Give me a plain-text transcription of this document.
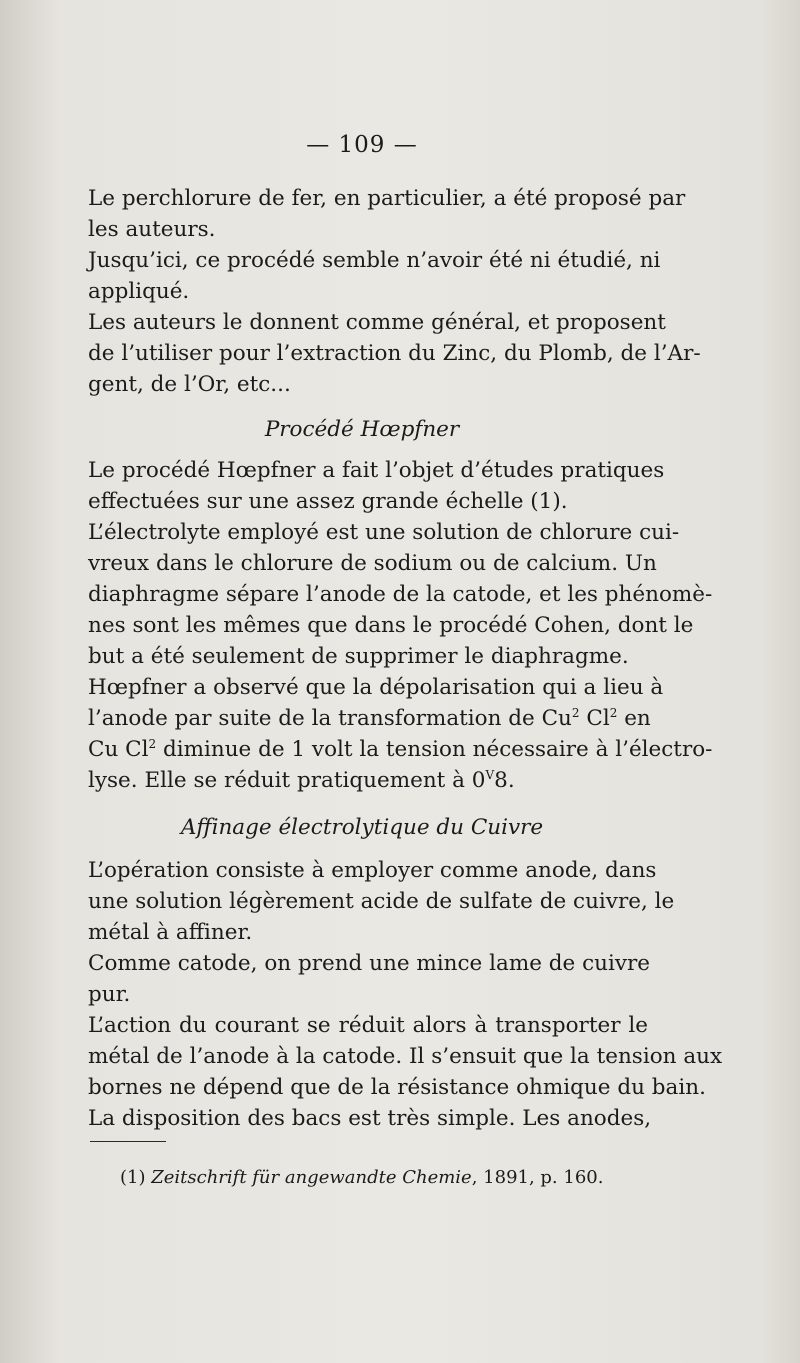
— 109 —

Le perchlorure de fer, en particulier, a été proposé par
les auteurs.

Jusqu’ici, ce procédé semble n’avoir été ni étudié, ni
appliqué.

Les auteurs le donnent comme général, et proposent
de l’utiliser pour l’extraction du Zinc, du Plomb, de l’Ar-
gent, de l’Or, etc...

Procédé Hœpfner

Le procédé Hœpfner a fait l’objet d’études pratiques
effectuées sur une assez grande échelle (1).

L’électrolyte employé est une solution de chlorure cui-
vreux dans le chlorure de sodium ou de calcium. Un
diaphragme sépare l’anode de la catode, et les phénomè-
nes sont les mêmes que dans le procédé Cohen, dont le
but a été seulement de supprimer le diaphragme.

Hœpfner a observé que la dépolarisation qui a lieu à
l’anode par suite de la transformation de Cu$^2$ Cl$^2$ en
Cu Cl$^2$ diminue de 1 volt la tension nécessaire à l’électro-
lyse. Elle se réduit pratiquement à $0^V8$.

Affinage électrolytique du Cuivre

L’opération consiste à employer comme anode, dans
une solution légèrement acide de sulfate de cuivre, le
métal à affiner.

Comme catode, on prend une mince lame de cuivre
pur.

L’action du courant se réduit alors à transporter le
métal de l’anode à la catode. Il s’ensuit que la tension aux
bornes ne dépend que de la résistance ohmique du bain.

La disposition des bacs est très simple. Les anodes,

(1) Zeitschrift für angewandte Chemie, 1891, p. 160.
